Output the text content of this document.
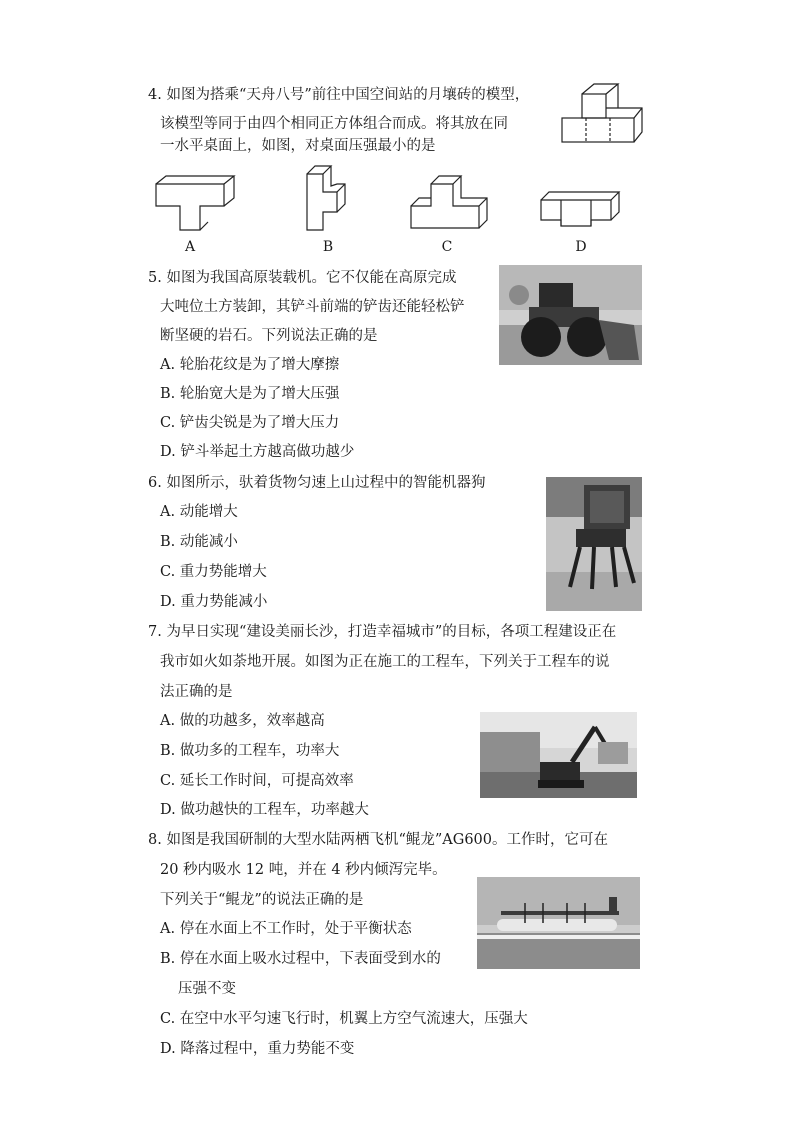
4. 如图为搭乘“天舟八号”前往中国空间站的月壤砖的模型，
该模型等同于由四个相同正方体组合而成。将其放在同
一水平桌面上，如图，对桌面压强最小的是
A	B	C	D
5. 如图为我国高原装载机。它不仅能在高原完成
大吨位土方装卸，其铲斗前端的铲齿还能轻松铲
断坚硬的岩石。下列说法正确的是
A. 轮胎花纹是为了增大摩擦
B. 轮胎宽大是为了增大压强
C. 铲齿尖锐是为了增大压力
D. 铲斗举起土方越高做功越少
6. 如图所示，驮着货物匀速上山过程中的智能机器狗
A. 动能增大
B. 动能减小
C. 重力势能增大
D. 重力势能减小
7. 为早日实现“建设美丽长沙，打造幸福城市”的目标，各项工程建设正在
我市如火如荼地开展。如图为正在施工的工程车，下列关于工程车的说
法正确的是
A. 做的功越多，效率越高
B. 做功多的工程车，功率大
C. 延长工作时间，可提高效率
D. 做功越快的工程车，功率越大
8. 如图是我国研制的大型水陆两栖飞机“鲲龙”AG600。工作时，它可在
20 秒内吸水 12 吨，并在 4 秒内倾泻完毕。
下列关于“鲲龙”的说法正确的是
A. 停在水面上不工作时，处于平衡状态
B. 停在水面上吸水过程中，下表面受到水的
压强不变
C. 在空中水平匀速飞行时，机翼上方空气流速大，压强大
D. 降落过程中，重力势能不变
